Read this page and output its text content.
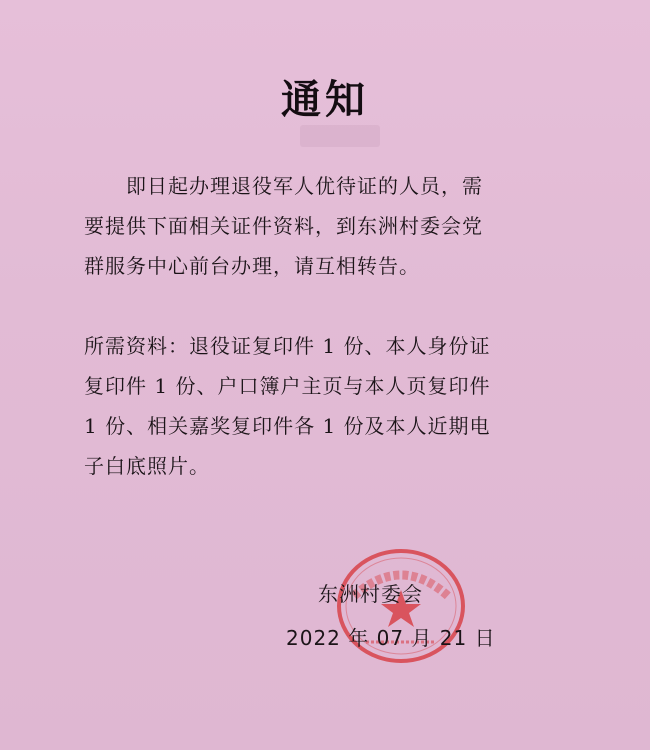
通知
即日起办理退役军人优待证的人员，需
要提供下面相关证件资料，到东洲村委会党
群服务中心前台办理，请互相转告。
所需资料：退役证复印件 1 份、本人身份证
复印件 1 份、户口簿户主页与本人页复印件
1 份、相关嘉奖复印件各 1 份及本人近期电
子白底照片。
东洲村委会
2022 年 07 月 21 日
